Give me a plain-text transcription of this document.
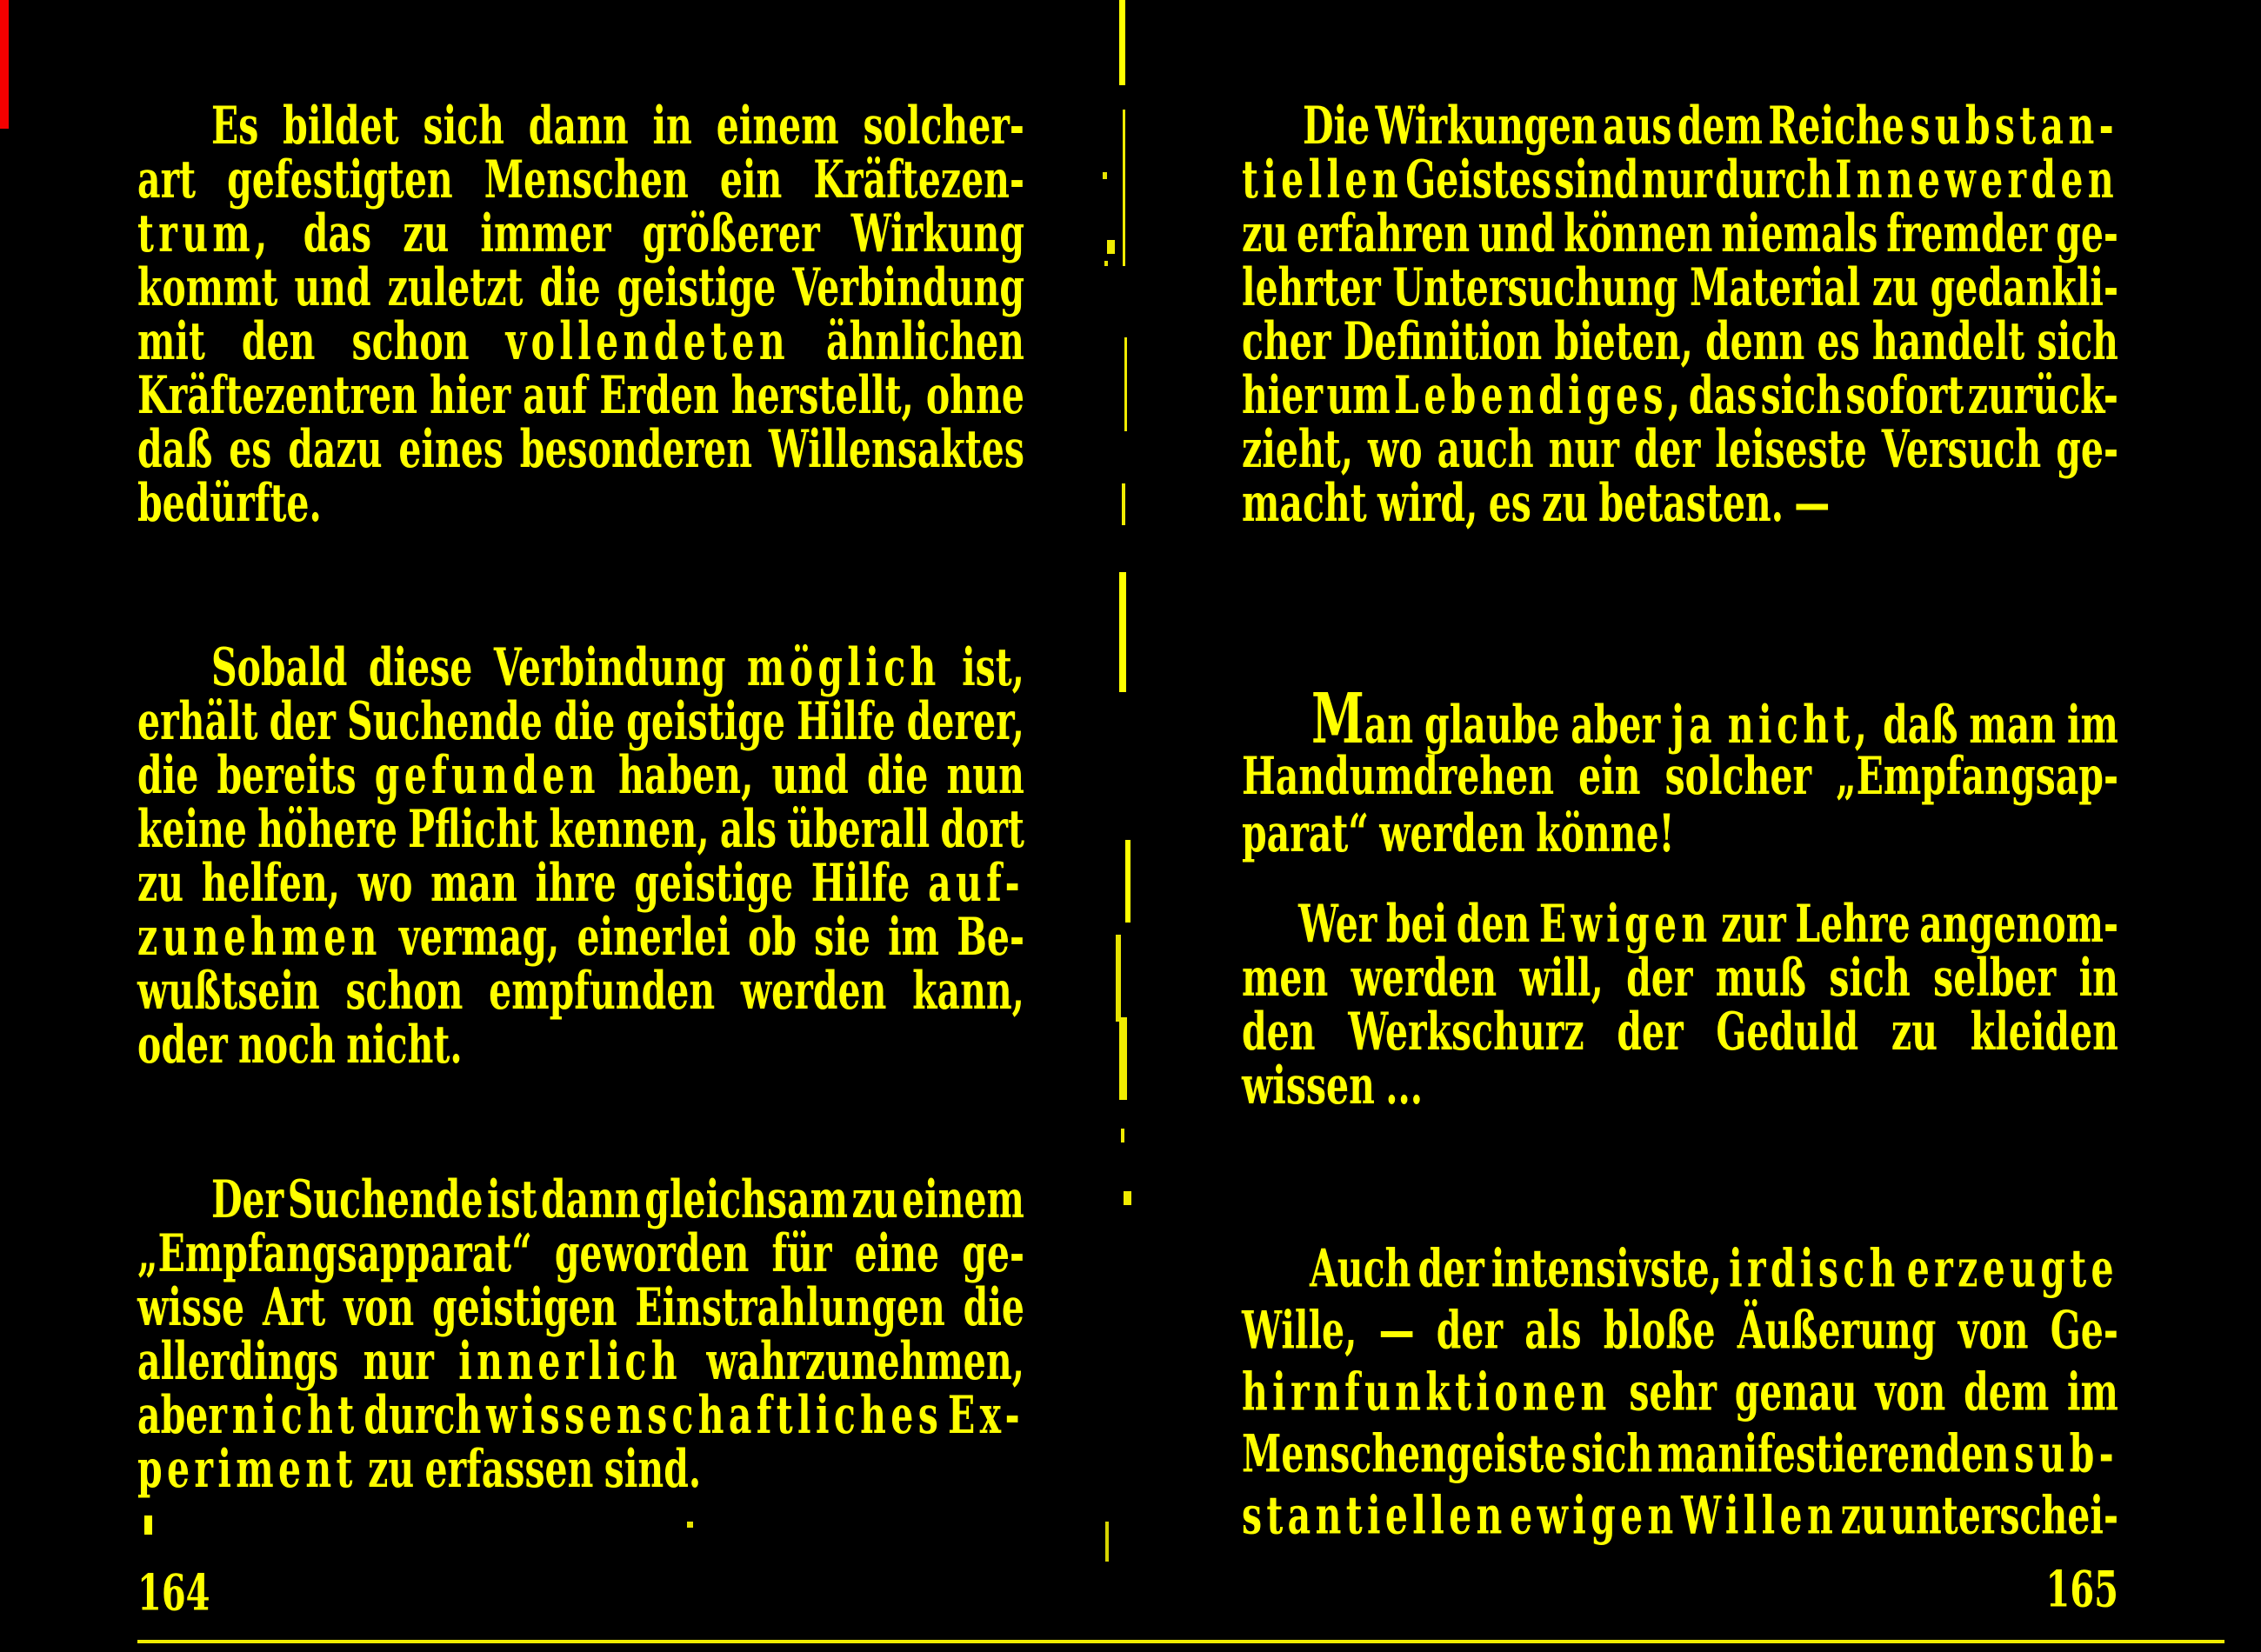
Es bildet sich dann in einem solcher-
art gefestigten Menschen ein Kräftezen-
trum, das zu immer größerer Wirkung
kommt und zuletzt die geistige Verbindung
mit den schon vollendeten ähnlichen
Kräftezentren hier auf Erden herstellt, ohne
daß es dazu eines besonderen Willensaktes
bedürfte.
Sobald diese Verbindung möglich ist,
erhält der Suchende die geistige Hilfe derer,
die bereits gefunden haben, und die nun
keine höhere Pflicht kennen, als überall dort
zu helfen, wo man ihre geistige Hilfe auf-
zunehmen vermag, einerlei ob sie im Be-
wußtsein schon empfunden werden kann,
oder noch nicht.
Der Suchende ist dann gleichsam zu einem
„Empfangsapparat“ geworden für eine ge-
wisse Art von geistigen Einstrahlungen die
allerdings nur innerlich wahrzunehmen,
aber nicht durch wissenschaftliches Ex-
periment zu erfassen sind.
Die Wirkungen aus dem Reiche substan-
tiellen Geistes sind nur durch Innewerden
zu erfahren und können niemals fremder ge-
lehrter Untersuchung Material zu gedankli-
cher Definition bieten, denn es handelt sich
hier um Lebendiges, das sich sofort zurück-
zieht, wo auch nur der leiseste Versuch ge-
macht wird, es zu betasten. —
Man glaube aber ja nicht, daß man im
Handumdrehen ein solcher „Empfangsap-
parat“ werden könne!
Wer bei den Ewigen zur Lehre angenom-
men werden will, der muß sich selber in
den Werkschurz der Geduld zu kleiden
wissen ...
Auch der intensivste, irdisch erzeugte
Wille, — der als bloße Äußerung von Ge-
hirnfunktionen sehr genau von dem im
Menschengeiste sich manifestierenden sub-
stantiellen ewigen Willen zu unterschei-
164	165
